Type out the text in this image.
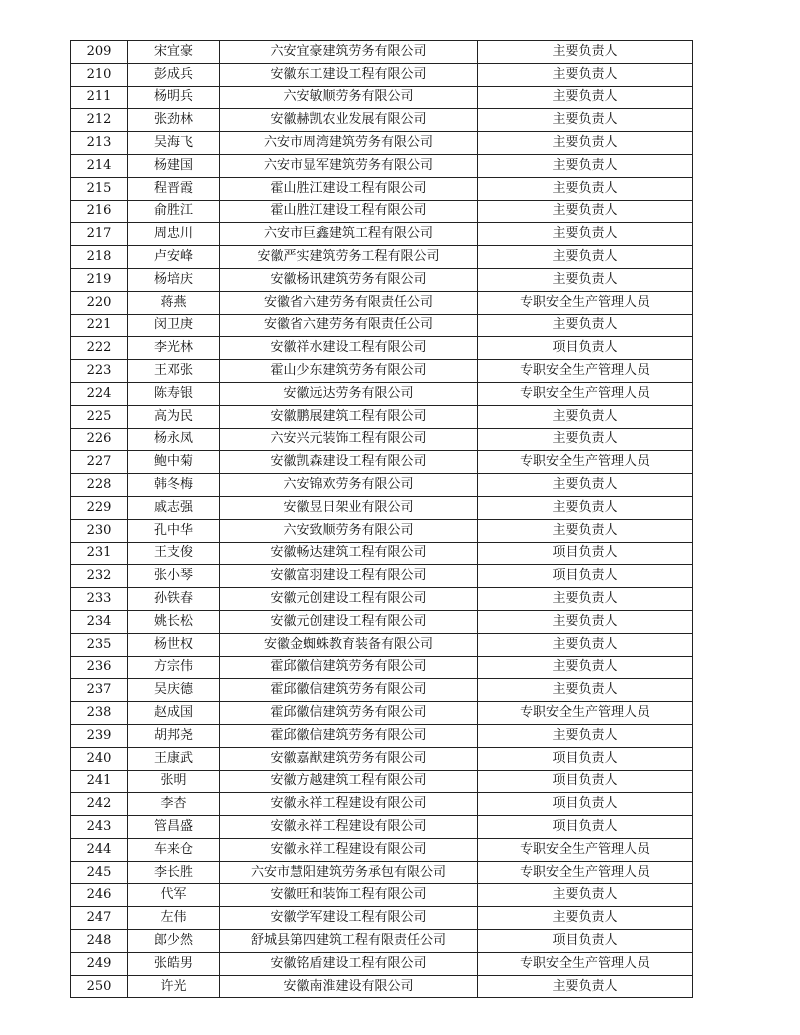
209	宋宜豪	六安宜豪建筑劳务有限公司	主要负责人
210	彭成兵	安徽东工建设工程有限公司	主要负责人
211	杨明兵	六安敏顺劳务有限公司	主要负责人
212	张劲林	安徽赫凯农业发展有限公司	主要负责人
213	吴海飞	六安市周湾建筑劳务有限公司	主要负责人
214	杨建国	六安市显军建筑劳务有限公司	主要负责人
215	程晋霞	霍山胜江建设工程有限公司	主要负责人
216	俞胜江	霍山胜江建设工程有限公司	主要负责人
217	周忠川	六安市巨鑫建筑工程有限公司	主要负责人
218	卢安峰	安徽严实建筑劳务工程有限公司	主要负责人
219	杨培庆	安徽杨讯建筑劳务有限公司	主要负责人
220	蒋燕	安徽省六建劳务有限责任公司	专职安全生产管理人员
221	闵卫庚	安徽省六建劳务有限责任公司	主要负责人
222	李光林	安徽祥水建设工程有限公司	项目负责人
223	王邓张	霍山少东建筑劳务有限公司	专职安全生产管理人员
224	陈寿银	安徽远达劳务有限公司	专职安全生产管理人员
225	高为民	安徽鹏展建筑工程有限公司	主要负责人
226	杨永凤	六安兴元装饰工程有限公司	主要负责人
227	鲍中菊	安徽凯森建设工程有限公司	专职安全生产管理人员
228	韩冬梅	六安锦欢劳务有限公司	主要负责人
229	戚志强	安徽昱日架业有限公司	主要负责人
230	孔中华	六安致顺劳务有限公司	主要负责人
231	王支俊	安徽畅达建筑工程有限公司	项目负责人
232	张小琴	安徽富羽建设工程有限公司	项目负责人
233	孙铁春	安徽元创建设工程有限公司	主要负责人
234	姚长松	安徽元创建设工程有限公司	主要负责人
235	杨世权	安徽金蜘蛛教育装备有限公司	主要负责人
236	方宗伟	霍邱徽信建筑劳务有限公司	主要负责人
237	吴庆德	霍邱徽信建筑劳务有限公司	主要负责人
238	赵成国	霍邱徽信建筑劳务有限公司	专职安全生产管理人员
239	胡邦尧	霍邱徽信建筑劳务有限公司	主要负责人
240	王康武	安徽嘉猷建筑劳务有限公司	项目负责人
241	张明	安徽方越建筑工程有限公司	项目负责人
242	李杏	安徽永祥工程建设有限公司	项目负责人
243	管昌盛	安徽永祥工程建设有限公司	项目负责人
244	车来仓	安徽永祥工程建设有限公司	专职安全生产管理人员
245	李长胜	六安市慧阳建筑劳务承包有限公司	专职安全生产管理人员
246	代军	安徽旺和装饰工程有限公司	主要负责人
247	左伟	安徽学军建设工程有限公司	主要负责人
248	郎少然	舒城县第四建筑工程有限责任公司	项目负责人
249	张皓男	安徽铭盾建设工程有限公司	专职安全生产管理人员
250	许光	安徽南淮建设有限公司	主要负责人
